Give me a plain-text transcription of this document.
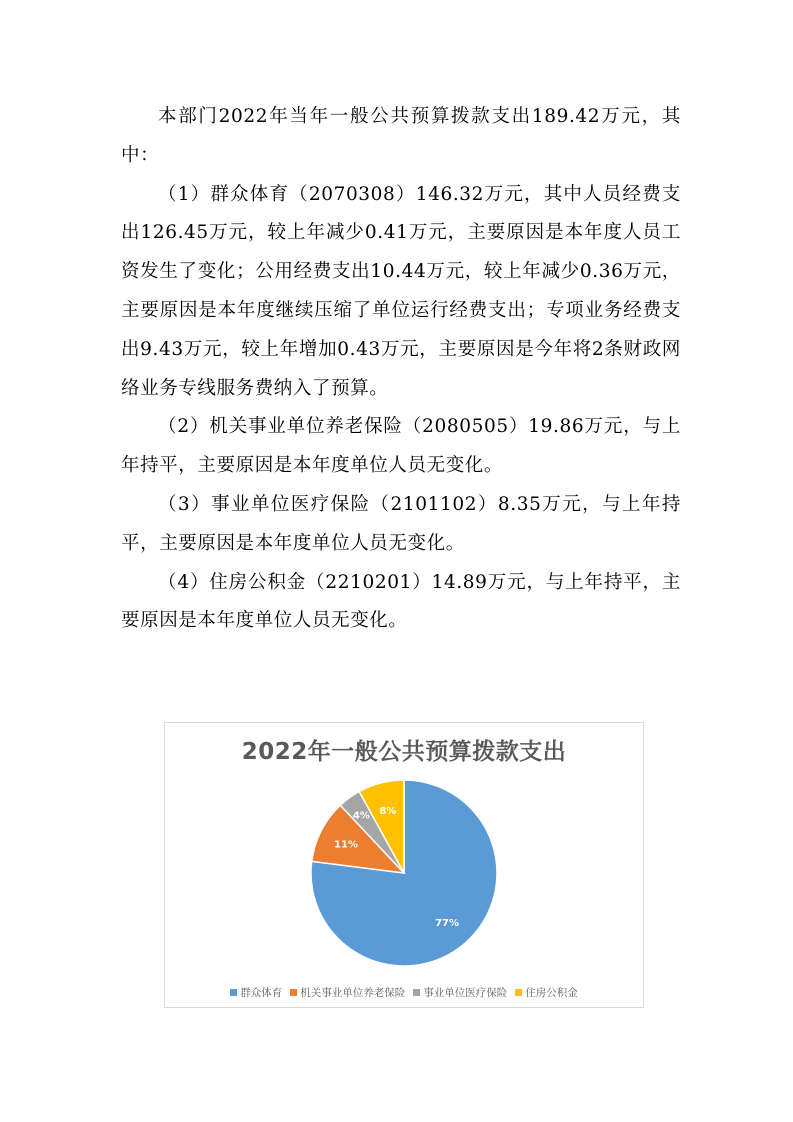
本部门2022年当年一般公共预算拨款支出189.42万元，其中：

（1）群众体育（2070308）146.32万元，其中人员经费支出126.45万元，较上年减少0.41万元，主要原因是本年度人员工资发生了变化；公用经费支出10.44万元，较上年减少0.36万元，主要原因是本年度继续压缩了单位运行经费支出；专项业务经费支出9.43万元，较上年增加0.43万元，主要原因是今年将2条财政网络业务专线服务费纳入了预算。

（2）机关事业单位养老保险（2080505）19.86万元，与上年持平，主要原因是本年度单位人员无变化。

（3）事业单位医疗保险（2101102）8.35万元，与上年持平，主要原因是本年度单位人员无变化。

（4）住房公积金（2210201）14.89万元，与上年持平，主要原因是本年度单位人员无变化。

2022年一般公共预算拨款支出
77%
11%
4% 8%
群众体育 机关事业单位养老保险 事业单位医疗保险 住房公积金
